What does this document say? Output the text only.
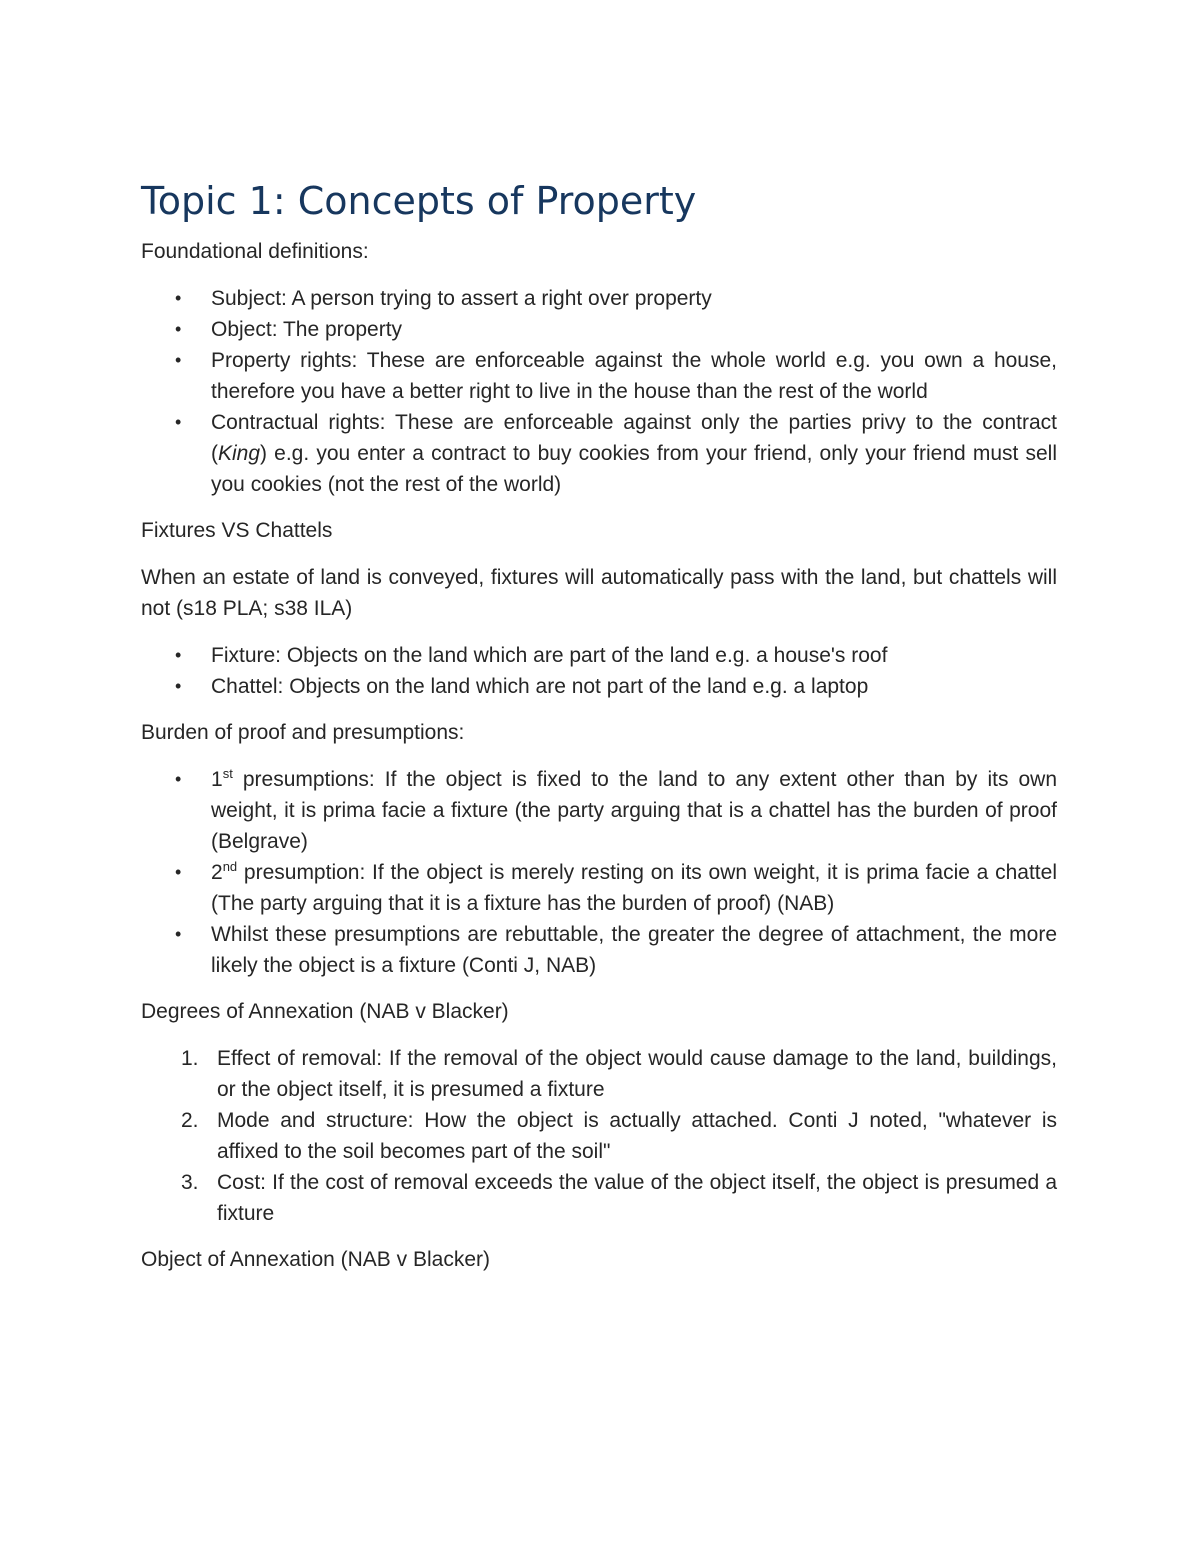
Topic 1: Concepts of Property

Foundational definitions:

• Subject: A person trying to assert a right over property
• Object: The property
• Property rights: These are enforceable against the whole world e.g. you own a house, therefore you have a better right to live in the house than the rest of the world
• Contractual rights: These are enforceable against only the parties privy to the contract (King) e.g. you enter a contract to buy cookies from your friend, only your friend must sell you cookies (not the rest of the world)

Fixtures VS Chattels

When an estate of land is conveyed, fixtures will automatically pass with the land, but chattels will not (s18 PLA; s38 ILA)

• Fixture: Objects on the land which are part of the land e.g. a house's roof
• Chattel: Objects on the land which are not part of the land e.g. a laptop

Burden of proof and presumptions:

• 1st presumptions: If the object is fixed to the land to any extent other than by its own weight, it is prima facie a fixture (the party arguing that is a chattel has the burden of proof (Belgrave)
• 2nd presumption: If the object is merely resting on its own weight, it is prima facie a chattel (The party arguing that it is a fixture has the burden of proof) (NAB)
• Whilst these presumptions are rebuttable, the greater the degree of attachment, the more likely the object is a fixture (Conti J, NAB)

Degrees of Annexation (NAB v Blacker)

1. Effect of removal: If the removal of the object would cause damage to the land, buildings, or the object itself, it is presumed a fixture
2. Mode and structure: How the object is actually attached. Conti J noted, "whatever is affixed to the soil becomes part of the soil"
3. Cost: If the cost of removal exceeds the value of the object itself, the object is presumed a fixture

Object of Annexation (NAB v Blacker)
